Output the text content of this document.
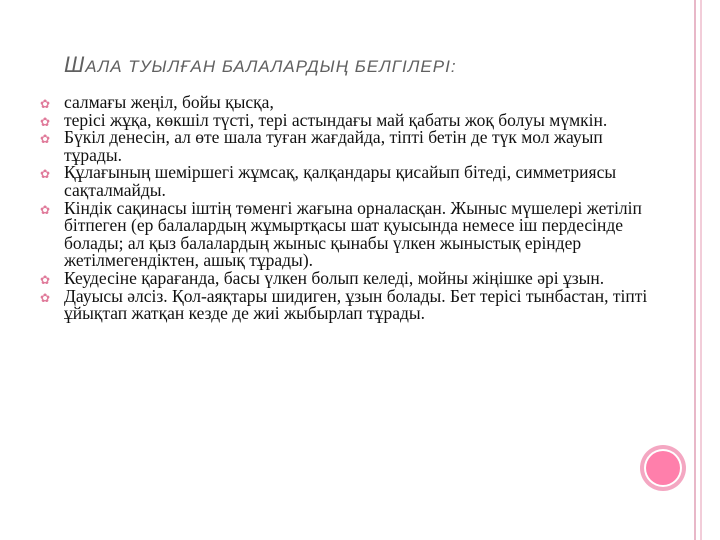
ШАЛА ТУЫЛҒАН БАЛАЛАРДЫҢ БЕЛГІЛЕРІ:
✿ салмағы жеңіл, бойы қысқа,
✿ терісі жұқа, көкшіл түсті, тері астындағы май қабаты жоқ болуы мүмкін.
✿ Бүкіл денесін, ал өте шала туған жағдайда, тіпті бетін де түк мол жауып тұрады.
✿ Құлағының шеміршегі жұмсақ, қалқандары қисайып бітеді, симметриясы сақталмайды.
✿ Кіндік сақинасы іштің төменгі жағына орналасқан. Жыныс мүшелері жетіліп бітпеген (ер балалардың жұмыртқасы шат қуысында немесе іш пердесінде болады; ал қыз балалардың жыныс қынабы үлкен жыныстық еріндер жетілмегендіктен, ашық тұрады).
✿ Кеудесіне қарағанда, басы үлкен болып келеді, мойны жіңішке әрі ұзын.
✿ Дауысы әлсіз. Қол-аяқтары шидиген, ұзын болады. Бет терісі тынбастан, тіпті ұйықтап жатқан кезде де жиі жыбырлап тұрады.
